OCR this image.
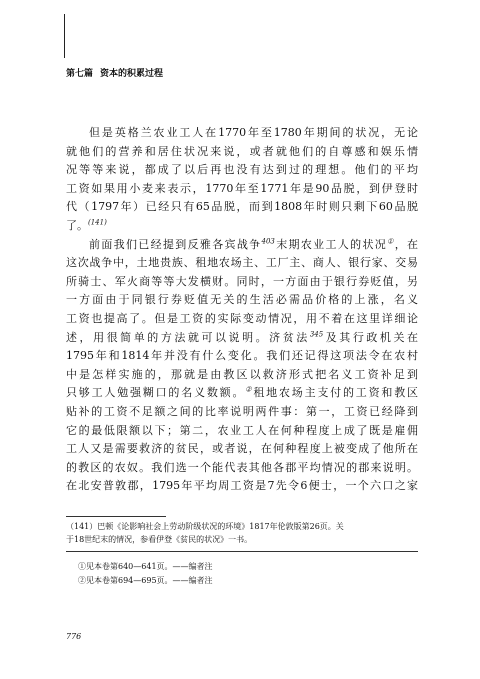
第七篇 资本的积累过程
但是英格兰农业工人在1770年至1780年期间的状况，无论
就他们的营养和居住状况来说，或者就他们的自尊感和娱乐情
况等等来说，都成了以后再也没有达到过的理想。他们的平均
工资如果用小麦来表示，1770年至1771年是90品脱，到伊登时
代（1797年）已经只有65品脱，而到1808年时则只剩下60品脱
了。$^{(141)}$
前面我们已经提到反雅各宾战争$^{403}$末期农业工人的状况①，在
这次战争中，土地贵族、租地农场主、工厂主、商人、银行家、交易
所骑士、军火商等等大发横财。同时，一方面由于银行券贬值，另
一方面由于同银行券贬值无关的生活必需品价格的上涨，名义
工资也提高了。但是工资的实际变动情况，用不着在这里详细论
述，用很简单的方法就可以说明。济贫法$^{345}$及其行政机关在
1795年和1814年并没有什么变化。我们还记得这项法令在农村
中是怎样实施的，那就是由教区以救济形式把名义工资补足到
只够工人勉强糊口的名义数额。②租地农场主支付的工资和教区
贴补的工资不足额之间的比率说明两件事：第一，工资已经降到
它的最低限额以下；第二，农业工人在何种程度上成了既是雇佣
工人又是需要救济的贫民，或者说，在何种程度上被变成了他所在
的教区的农奴。我们选一个能代表其他各郡平均情况的郡来说明。
在北安普敦郡，1795年平均周工资是7先令6便士，一个六口之家
（141）巴顿《论影响社会上劳动阶级状况的环境》1817年伦敦版第26页。关
于18世纪末的情况，参看伊登《贫民的状况》一书。
①见本卷第640—641页。——编者注
②见本卷第694—695页。——编者注
776
